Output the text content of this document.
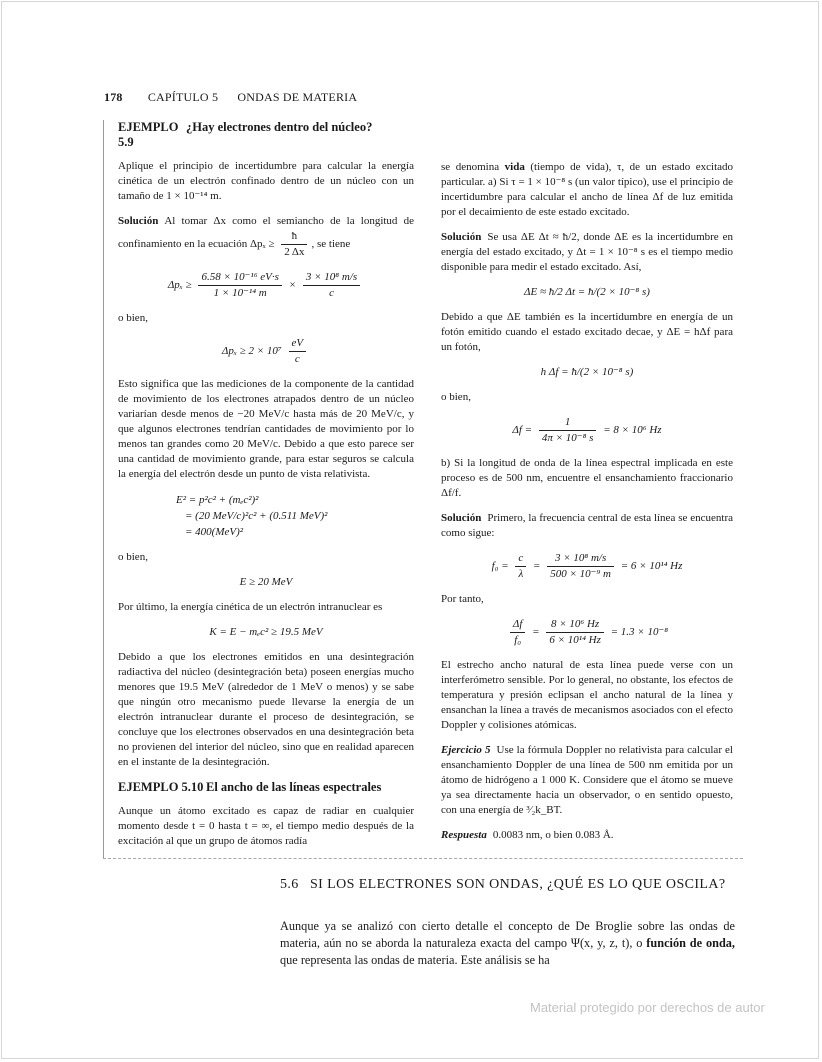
178 CAPÍTULO 5 ONDAS DE MATERIA
EJEMPLO 5.9¿Hay electrones dentro del núcleo?

Aplique el principio de incertidumbre para calcular la energía cinética de un electrón confinado dentro de un núcleo con un tamaño de 1 × 10⁻¹⁴ m.

Solución Al tomar Δx como el semiancho de la longitud de confinamiento en la ecuación $\Delta p_x \ge \frac{ħ}{2 \Delta x}$ , se tiene

$\Delta p_x \ge \frac{\text{6.58 × 10⁻¹⁶ eV·s}}{\text{1 × 10⁻¹⁴ m}} \times \frac{\text{3 × 10⁸ m/s}}{c}$

o bien,

$\Delta p_x \ge 2 \times 10^7 \frac{eV}{c}$

Esto significa que las mediciones de la componente de la cantidad de movimiento de los electrones atrapados dentro de un núcleo variarían desde menos de −20 MeV/c hasta más de 20 MeV/c, y que algunos electrones tendrían cantidades de movimiento por lo menos tan grandes como 20 MeV/c. Debido a que esto parece ser una cantidad de movimiento grande, para estar seguros se calcula la energía del electrón desde un punto de vista relativista.

E² = p²c² + (mₑc²)²
= (20 MeV/c)²c² + (0.511 MeV)²
= 400(MeV)²

o bien,

E ≥ 20 MeV

Por último, la energía cinética de un electrón intranuclear es

K = E − mₑc² ≥ 19.5 MeV

Debido a que los electrones emitidos en una desintegración radiactiva del núcleo (desintegración beta) poseen energías mucho menores que 19.5 MeV (alrededor de 1 MeV o menos) y se sabe que ningún otro mecanismo puede llevarse la energía de un electrón intranuclear durante el proceso de desintegración, se concluye que los electrones observados en una desintegración beta no provienen del interior del núcleo, sino que en realidad aparecen en el instante de la desintegración.

EJEMPLO 5.10 El ancho de las líneas espectrales

Aunque un átomo excitado es capaz de radiar en cualquier momento desde t = 0 hasta t = ∞, el tiempo medio después de la excitación al que un grupo de átomos radía

se denomina vida (tiempo de vida), τ, de un estado excitado particular. a) Si τ = 1 × 10⁻⁸ s (un valor típico), use el principio de incertidumbre para calcular el ancho de línea Δf de luz emitida por el decaimiento de este estado excitado.

Solución Se usa ΔE Δt ≈ ħ/2, donde ΔE es la incertidumbre en energía del estado excitado, y Δt = 1 × 10⁻⁸ s es el tiempo medio disponible para medir el estado excitado. Así,

ΔE ≈ ħ/2 Δt = ħ/(2 × 10⁻⁸ s)

Debido a que ΔE también es la incertidumbre en energía de un fotón emitido cuando el estado excitado decae, y ΔE = hΔf para un fotón,

h Δf = ħ/(2 × 10⁻⁸ s)

o bien,

$\Delta f = \frac{1}{\text{4π × 10⁻⁸ s}} = 8 \times 10^6$ Hz

b) Si la longitud de onda de la línea espectral implicada en este proceso es de 500 nm, encuentre el ensanchamiento fraccionario Δf/f.

Solución Primero, la frecuencia central de esta línea se encuentra como sigue:

$f_0 = \frac{c}{\lambda} = \frac{\text{3 × 10⁸ m/s}}{\text{500 × 10⁻⁹ m}} = 6 \times 10^{14}$ Hz

Por tanto,

$\frac{\Delta f}{\text{f₀}} = \frac{\text{8 × 10⁶ Hz}}{\text{6 × 10¹⁴ Hz}} = 1.3 \times 10^{-8}$

El estrecho ancho natural de esta línea puede verse con un interferómetro sensible. Por lo general, no obstante, los efectos de temperatura y presión eclipsan el ancho natural de la línea y ensanchan la línea a través de mecanismos asociados con el efecto Doppler y colisiones atómicas.

Ejercicio 5 Use la fórmula Doppler no relativista para calcular el ensanchamiento Doppler de una línea de 500 nm emitida por un átomo de hidrógeno a 1 000 K. Considere que el átomo se mueve ya sea directamente hacia un observador, o en sentido opuesto, con una energía de ³⁄₂k_BT.

Respuesta 0.0083 nm, o bien 0.083 Å.

5.6 SI LOS ELECTRONES SON ONDAS, ¿QUÉ ES LO QUE OSCILA?
Aunque ya se analizó con cierto detalle el concepto de De Broglie sobre las ondas de materia, aún no se aborda la naturaleza exacta del campo Ψ(x, y, z, t), o función de onda, que representa las ondas de materia. Este análisis se ha
Material protegido por derechos de autor
